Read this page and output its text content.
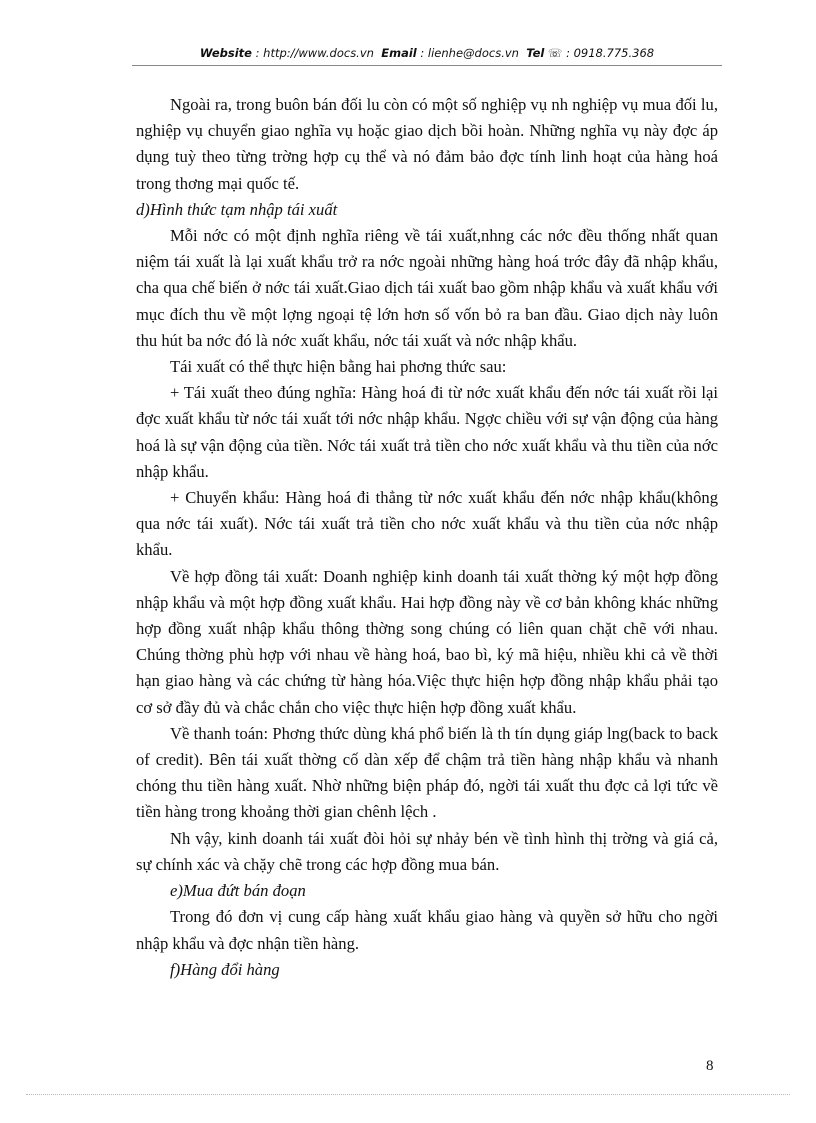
Website : http://www.docs.vn Email : lienhe@docs.vn Tel ☏ : 0918.775.368

Ngoài ra, trong buôn bán đối lu còn có một số nghiệp vụ nh nghiệp vụ mua đối lu, nghiệp vụ chuyển giao nghĩa vụ hoặc giao dịch bồi hoàn. Những nghĩa vụ này đợc áp dụng tuỳ theo từng trờng hợp cụ thể và nó đảm bảo đợc tính linh hoạt của hàng hoá trong thơng mại quốc tế.

d)Hình thức tạm nhập tái xuất

Mỗi nớc có một định nghĩa riêng về tái xuất,nhng các nớc đều thống nhất quan niệm tái xuất là lại xuất khẩu trở ra nớc ngoài những hàng hoá trớc đây đã nhập khẩu, cha qua chế biến ở nớc tái xuất.Giao dịch tái xuất bao gồm nhập khẩu và xuất khẩu với mục đích thu về một lợng ngoại tệ lớn hơn số vốn bỏ ra ban đầu. Giao dịch này luôn thu hút ba nớc đó là nớc xuất khẩu, nớc tái xuất và nớc nhập khẩu.

Tái xuất có thể thực hiện bằng hai phơng thức sau:

+ Tái xuất theo đúng nghĩa: Hàng hoá đi từ nớc xuất khẩu đến nớc tái xuất rồi lại đợc xuất khẩu từ nớc tái xuất tới nớc nhập khẩu. Ngợc chiều với sự vận động của hàng hoá là sự vận động của tiền. Nớc tái xuất trả tiền cho nớc xuất khẩu và thu tiền của nớc nhập khẩu.

+ Chuyển khẩu: Hàng hoá đi thẳng từ nớc xuất khẩu đến nớc nhập khẩu(không qua nớc tái xuất). Nớc tái xuất trả tiền cho nớc xuất khẩu và thu tiền của nớc nhập khẩu.

Về hợp đồng tái xuất: Doanh nghiệp kinh doanh tái xuất thờng ký một hợp đồng nhập khẩu và một hợp đồng xuất khẩu. Hai hợp đồng này về cơ bản không khác những hợp đồng xuất nhập khẩu thông thờng song chúng có liên quan chặt chẽ với nhau. Chúng thờng phù hợp với nhau về hàng hoá, bao bì, ký mã hiệu, nhiều khi cả về thời hạn giao hàng và các chứng từ hàng hóa.Việc thực hiện hợp đồng nhập khẩu phải tạo cơ sở đầy đủ và chắc chắn cho việc thực hiện hợp đồng xuất khẩu.

Về thanh toán: Phơng thức dùng khá phổ biến là th tín dụng giáp lng(back to back of credit). Bên tái xuất thờng cố dàn xếp để chậm trả tiền hàng nhập khẩu và nhanh chóng thu tiền hàng xuất. Nhờ những biện pháp đó, ngời tái xuất thu đợc cả lợi tức về tiền hàng trong khoảng thời gian chênh lệch .

Nh vậy, kinh doanh tái xuất đòi hỏi sự nhảy bén về tình hình thị trờng và giá cả, sự chính xác và chặy chẽ trong các hợp đồng mua bán.

e)Mua đứt bán đoạn

Trong đó đơn vị cung cấp hàng xuất khẩu giao hàng và quyền sở hữu cho ngời nhập khẩu và đợc nhận tiền hàng.

f)Hàng đổi hàng

8
